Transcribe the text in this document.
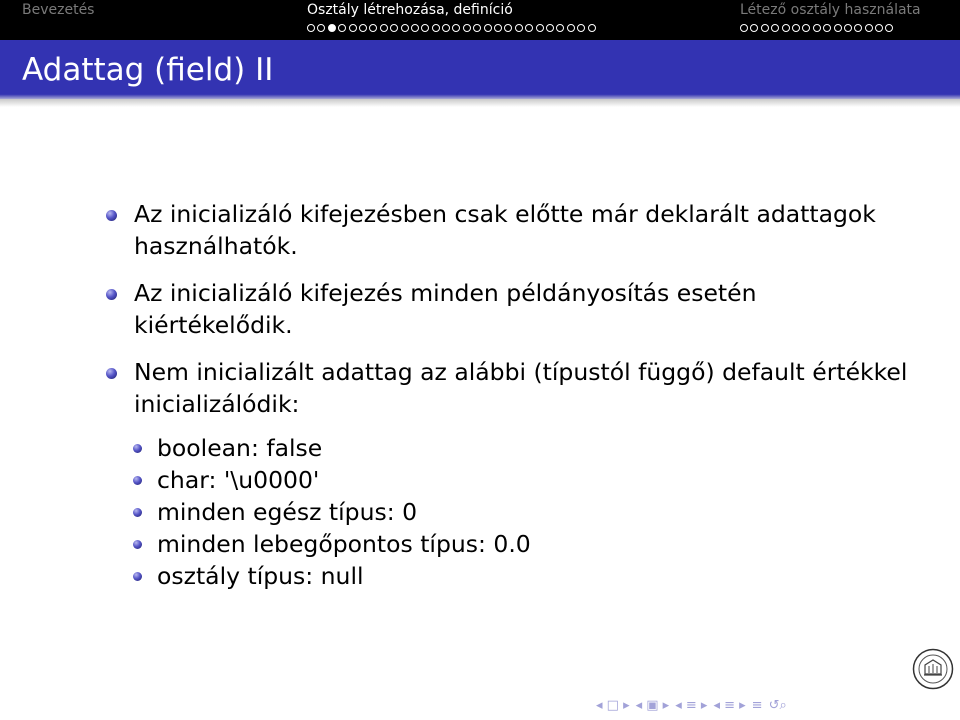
Bevezetés	Osztály létrehozása, definíció	Létező osztály használata
Adattag (field) II
Az inicializáló kifejezésben csak előtte már deklarált adattagok használhatók.
Az inicializáló kifejezés minden példányosítás esetén kiértékelődik.
Nem inicializált adattag az alábbi (típustól függő) default értékkel inicializálódik:
boolean: false
char: '\u0000'
minden egész típus: 0
minden lebegőpontos típus: 0.0
osztály típus: null
◂ □ ▸ ◂ ▣ ▸ ◂ ≡ ▸ ◂ ≡ ▸ ≡ ↺⌕
